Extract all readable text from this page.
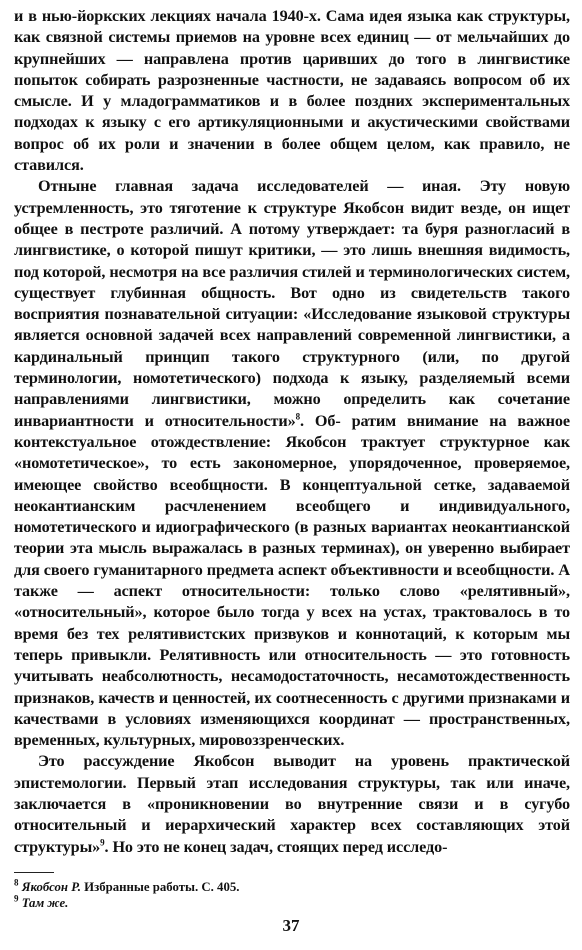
и в нью-йоркских лекциях начала 1940-х. Сама идея языка как структуры, как связной системы приемов на уровне всех единиц — от мельчайших до крупнейших — направлена против царивших до того в лингвистике попыток собирать разрозненные частности, не задаваясь вопросом об их смысле. И у младограмматиков и в более поздних экспериментальных подходах к языку с его артикуляционными и акустическими свойствами вопрос об их роли и значении в более общем целом, как правило, не ставился.

Отныне главная задача исследователей — иная. Эту новую устремленность, это тяготение к структуре Якобсон видит везде, он ищет общее в пестроте различий. А потому утверждает: та буря разногласий в лингвистике, о которой пишут критики, — это лишь внешняя видимость, под которой, несмотря на все различия стилей и терминологических систем, существует глубинная общность. Вот одно из свидетельств такого восприятия познавательной ситуации: «Исследование языковой структуры является основной задачей всех направлений современной лингвистики, а кардинальный принцип такого структурного (или, по другой терминологии, номотетического) подхода к языку, разделяемый всеми направлениями лингвистики, можно определить как сочетание инвариантности и относительности»$^8$. Об- ратим внимание на важное контекстуальное отождествление: Якобсон трактует структурное как «номотетическое», то есть закономерное, упорядоченное, проверяемое, имеющее свойство всеобщности. В концептуальной сетке, задаваемой неокантианским расчленением всеобщего и индивидуального, номотетического и идиографического (в разных вариантах неокантианской теории эта мысль выражалась в разных терминах), он уверенно выбирает для своего гуманитарного предмета аспект объективности и всеобщности. А также — аспект относительности: только слово «релятивный», «относительный», которое было тогда у всех на устах, трактовалось в то время без тех релятивистских призвуков и коннотаций, к которым мы теперь привыкли. Релятивность или относительность — это готовность учитывать неабсолютность, несамодостаточность, несамотождественность признаков, качеств и ценностей, их соотнесенность с другими признаками и качествами в условиях изменяющихся координат — пространственных, временных, культурных, мировоззренческих.

Это рассуждение Якобсон выводит на уровень практической эпистемологии. Первый этап исследования структуры, так или иначе, заключается в «проникновении во внутренние связи и в сугубо относительный и иерархический характер всех составляющих этой структуры»$^9$. Но это не конец задач, стоящих перед исследо-

$^8$ Якобсон Р. Избранные работы. С. 405.

$^9$ Там же.

37
